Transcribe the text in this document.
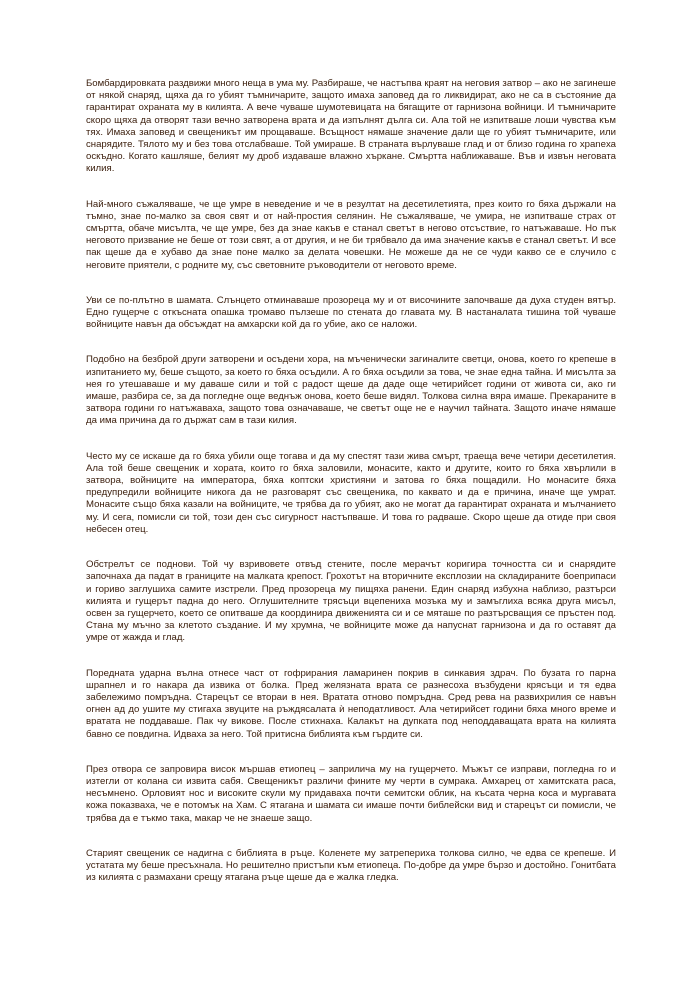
Бомбардировката раздвижи много неща в ума му. Разбираше, че настъпва краят на неговия затвор – ако не загинеше от някой снаряд, щяха да го убият тъмничарите, защото имаха заповед да го ликвидират, ако не са в състояние да гарантират охраната му в килията. А вече чуваше шумотевицата на бягащите от гарнизона войници. И тъмничарите скоро щяха да отворят тази вечно затворена врата и да изпълнят дълга си. Ала той не изпитваше лоши чувства към тях. Имаха заповед и свещеникът им прощаваше. Всъщност нямаше значение дали ще го убият тъмничарите, или снарядите. Тялото му и без това отслабваше. Той умираше. В страната върлуваше глад и от близо година го храneха оскъдно. Когато кашляше, белият му дроб издаваше влажно хъркане. Смъртта наближаваше. Във и извън неговата килия.

Най-много съжаляваше, че ще умре в неведение и че в резултат на десетилетията, през които го бяха държали на тъмно, знае по-малко за своя свят и от най-простия селянин. Не съжаляваше, че умира, не изпитваше страх от смъртта, обаче мисълта, че ще умре, без да знае какъв е станал светът в негово отсъствие, го натъжаваше. Но пък неговото призвание не беше от този свят, а от другия, и не би трябвало да има значение какъв е станал светът. И все пак щеше да е хубаво да знае поне малко за делата човешки. Не можеше да не се чуди какво се е случило с неговите приятели, с родните му, със световните ръководители от неговото време.

Уви се по-плътно в шамата. Слънцето отминаваше прозореца му и от височините започваше да духа студен вятър. Едно гущерче с откъсната опашка тромаво пълзеше по стената до главата му. В настаналата тишина той чуваше войниците навън да обсъждат на амхарски кой да го убие, ако се наложи.

Подобно на безброй други затворени и осъдени хора, на мъченически загиналите светци, онова, което го крепеше в изпитанието му, беше същото, за което го бяха осъдили. А го бяха осъдили за това, че знае една тайна. И мисълта за нея го утешаваше и му даваше сили и той с радост щеше да даде още четирийсет години от живота си, ако ги имаше, разбира се, за да погледне още веднъж онова, което беше видял. Толкова силна вяра имаше. Прекараните в затвора години го натъжаваха, защото това означаваше, че светът още не е научил тайната. Защото иначе нямаше да има причина да го държат сам в тази килия.

Често му се искаше да го бяха убили още тогава и да му спестят тази жива смърт, траеща вече четири десетилетия. Ала той беше свещеник и хората, които го бяха заловили, монасите, както и другите, които го бяха хвърлили в затвора, войниците на императора, бяха коптски християни и затова го бяха пощадили. Но монасите бяха предупредили войниците никога да не разговарят със свещеника, по каквато и да е причина, иначе ще умрат. Монасите също бяха казали на войниците, че трябва да го убият, ако не могат да гарантират охраната и мълчанието му. И сега, помисли си той, този ден със сигурност настъпваше. И това го радваше. Скоро щеше да отиде при своя небесен отец.

Обстрелът се поднови. Той чу взривовете отвъд стените, после мерачът коригира точността си и снарядите започнаха да падат в границите на малката крепост. Грохотът на вторичните експлозии на складираните боеприпаси и гориво заглушиха самите изстрели. Пред прозореца му пищяха ранени. Един снаряд избухна наблизо, разтърси килията и гущерът падна до него. Оглушителните трясъци вцепениха мозъка му и замъглиха всяка друга мисъл, освен за гущерчето, което се опитваше да координира движенията си и се мяташе по разтърсващия се пръстен под. Стана му мъчно за клетото създание. И му хрумна, че войниците може да напуснат гарнизона и да го оставят да умре от жажда и глад.

Поредната ударна вълна отнесе част от гофрирания ламаринен покрив в синкавия здрач. По бузата го парна шрапнел и го накара да извика от болка. Пред желязната врата се разнесоха възбудени крясъци и тя едва забележимо помръдна. Старецът се втораи в нея. Вратата отново помръдна. Сред рева на развихрилия се навън огнен ад до ушите му стигаха звуците на ръждясалата ѝ неподатливост. Ала четирийсет години бяха много време и вратата не поддаваше. Пак чу виковe. После стихнаха. Калакът на дупката под неподдаващата врата на килията бавно се повдигна. Идваха за него. Той притисна библията към гърдите си.

През отвора се запровира висок мършав етиопец – заприлича му на гущерчето. Мъжът се изправи, погледна го и изтегли от колана си извита сабя. Свещеникът различи фините му черти в сумрака. Амхарец от хамитската раса, несъмнено. Орловият нос и високите скули му придаваха почти семитски облик, на късата черна коса и мургавата кожа показваха, че е потомък на Хам. С ятагана и шамата си имаше почти библейски вид и старецът си помисли, че трябва да е тъкмо така, макар че не знаеше защо.

Старият свещеник се надигна с библията в ръце. Коленете му затреперихa толкова силно, че едва се крепеше. И устатата му беше пресъхнала. Но решително пристъпи към етиопеца. По-добре да умре бързо и достойно. Гонитбата из килията с размахани срещу ятагана ръце щеше да е жалка гледка.
